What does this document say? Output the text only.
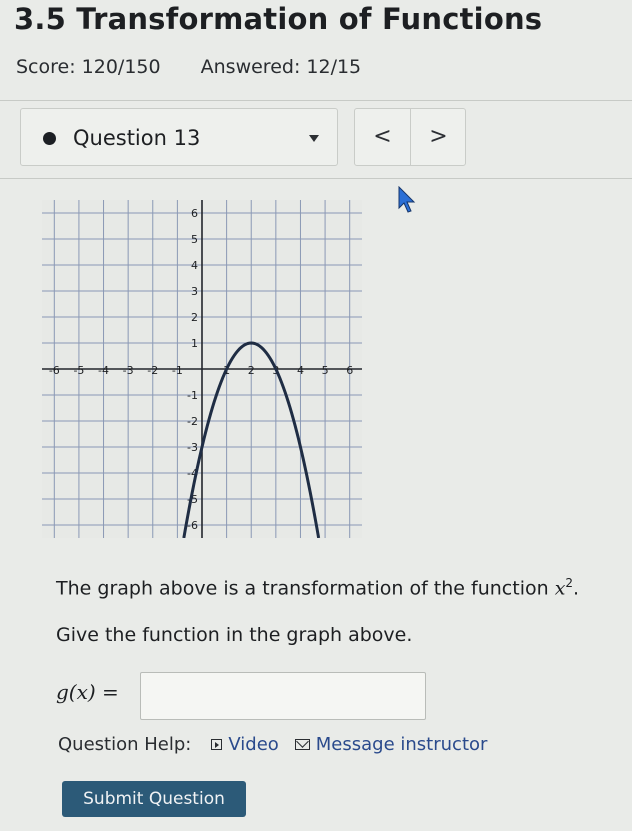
3.5 Transformation of Functions
Score: 120/150 Answered: 12/15
Question 13	<	>
-6 -5 -4 -3 -2 -1	1 2 3 4 5 6
-6
-5
-4
-3
-2
-1
1
2
3
4
5
6
The graph above is a transformation of the function $x^2$.
Give the function in the graph above.
g(x) =
Question Help: Video Message instructor
Submit Question
